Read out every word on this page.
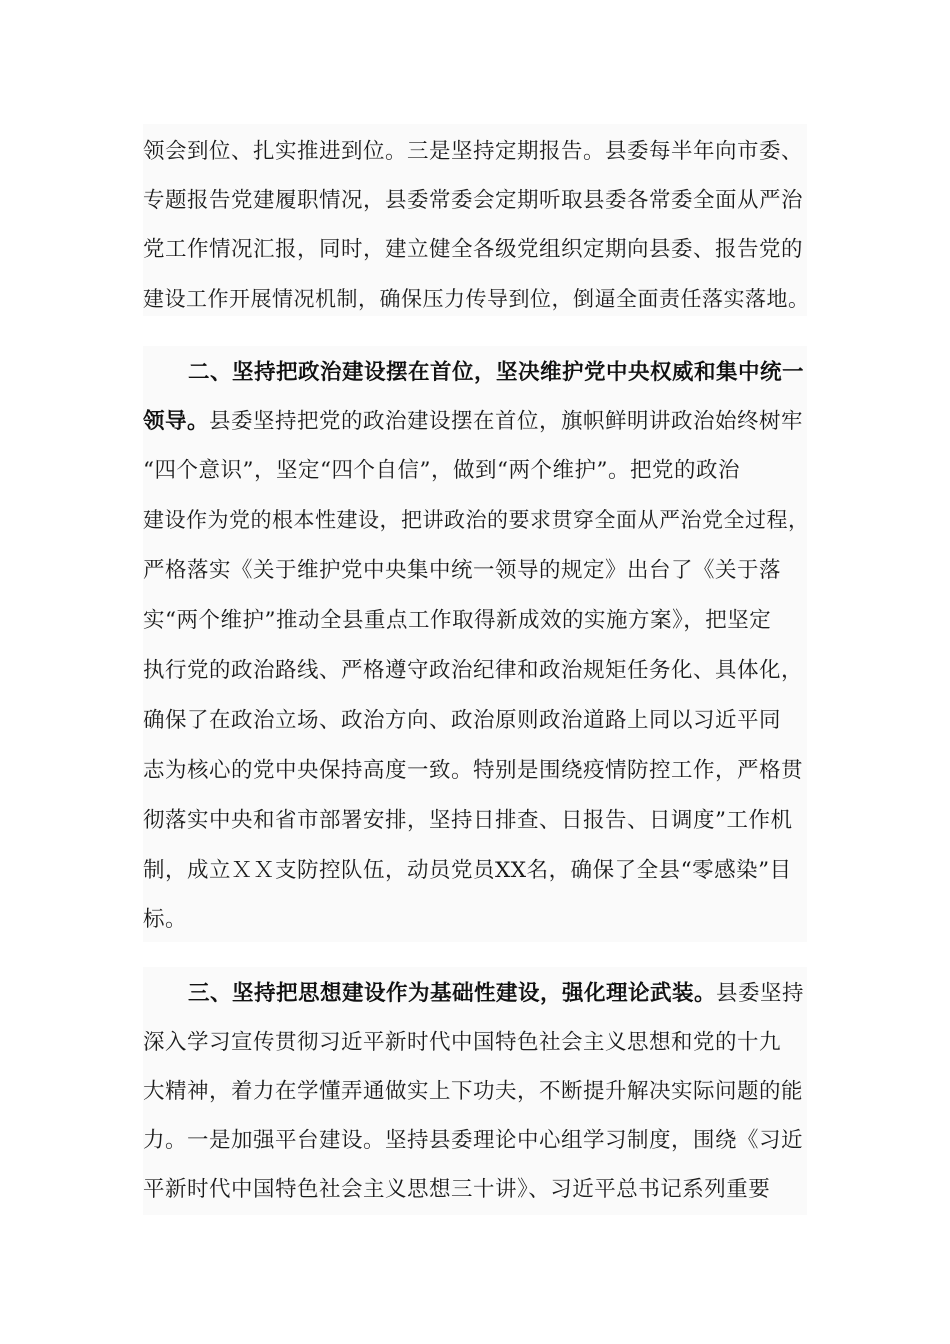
领会到位、扎实推进到位。三是坚持定期报告。县委每半年向市委、
专题报告党建履职情况，县委常委会定期听取县委各常委全面从严治
党工作情况汇报，同时，建立健全各级党组织定期向县委、报告党的
建设工作开展情况机制，确保压力传导到位，倒逼全面责任落实落地。
二、坚持把政治建设摆在首位，坚决维护党中央权威和集中统一
领导。县委坚持把党的政治建设摆在首位，旗帜鲜明讲政治始终树牢
“四个意识”，坚定“四个自信”，做到“两个维护”。把党的政治
建设作为党的根本性建设，把讲政治的要求贯穿全面从严治党全过程，
严格落实《关于维护党中央集中统一领导的规定》出台了《关于落
实“两个维护”推动全县重点工作取得新成效的实施方案》，把坚定
执行党的政治路线、严格遵守政治纪律和政治规矩任务化、具体化，
确保了在政治立场、政治方向、政治原则政治道路上同以习近平同
志为核心的党中央保持高度一致。特别是围绕疫情防控工作，严格贯
彻落实中央和省市部署安排，坚持日排查、日报告、日调度”工作机
制，成立ＸＸ支防控队伍，动员党员XX名，确保了全县“零感染”目
标。
三、坚持把思想建设作为基础性建设，强化理论武装。县委坚持
深入学习宣传贯彻习近平新时代中国特色社会主义思想和党的十九
大精神，着力在学懂弄通做实上下功夫，不断提升解决实际问题的能
力。一是加强平台建设。坚持县委理论中心组学习制度，围绕《习近
平新时代中国特色社会主义思想三十讲》、习近平总书记系列重要
